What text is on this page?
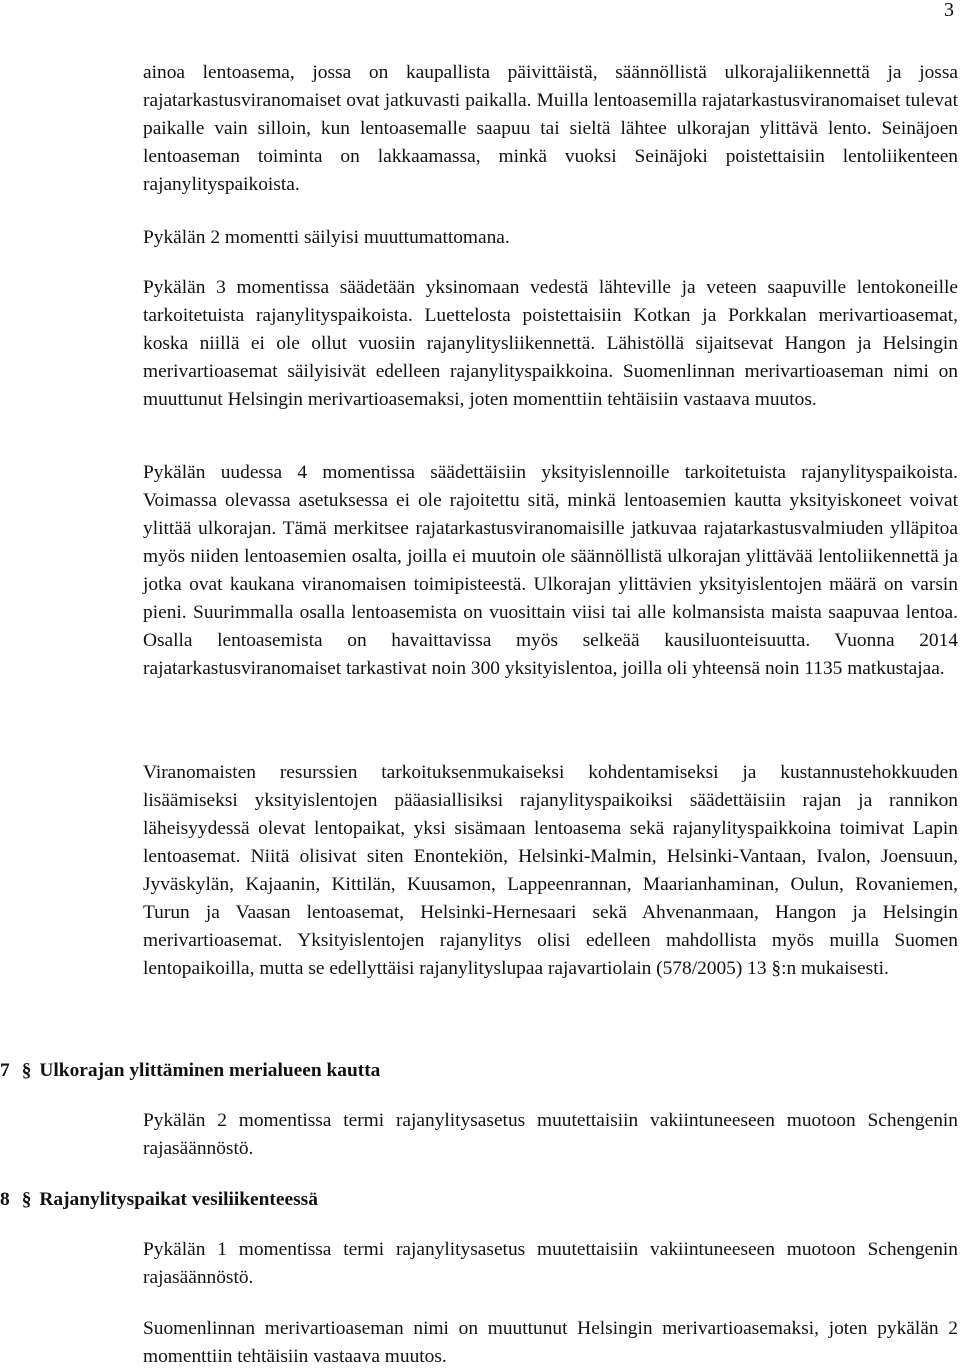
3

ainoa lentoasema, jossa on kaupallista päivittäistä, säännöllistä ulkorajaliikennettä ja jossa rajatarkastusviranomaiset ovat jatkuvasti paikalla. Muilla lentoasemilla rajatarkastusviranomaiset tulevat paikalle vain silloin, kun lentoasemalle saapuu tai sieltä lähtee ulkorajan ylittävä lento. Seinäjoen lentoaseman toiminta on lakkaamassa, minkä vuoksi Seinäjoki poistettaisiin lentoliikenteen rajanylityspaikoista.

Pykälän 2 momentti säilyisi muuttumattomana.

Pykälän 3 momentissa säädetään yksinomaan vedestä lähteville ja veteen saapuville lentokoneille tarkoitetuista rajanylityspaikoista. Luettelosta poistettaisiin Kotkan ja Porkkalan merivartioasemat, koska niillä ei ole ollut vuosiin rajanylitysliikennettä. Lähistöllä sijaitsevat Hangon ja Helsingin merivartioasemat säilyisivät edelleen rajanylityspaikkoina. Suomenlinnan merivartioaseman nimi on muuttunut Helsingin merivartioasemaksi, joten momenttiin tehtäisiin vastaava muutos.

Pykälän uudessa 4 momentissa säädettäisiin yksityislennoille tarkoitetuista rajanylityspaikoista. Voimassa olevassa asetuksessa ei ole rajoitettu sitä, minkä lentoasemien kautta yksityiskoneet voivat ylittää ulkorajan. Tämä merkitsee rajatarkastusviranomaisille jatkuvaa rajatarkastusvalmiuden ylläpitoa myös niiden lentoasemien osalta, joilla ei muutoin ole säännöllistä ulkorajan ylittävää lentoliikennettä ja jotka ovat kaukana viranomaisen toimipisteestä. Ulkorajan ylittävien yksityislentojen määrä on varsin pieni. Suurimmalla osalla lentoasemista on vuosittain viisi tai alle kolmansista maista saapuvaa lentoa. Osalla lentoasemista on havaittavissa myös selkeää kausiluonteisuutta. Vuonna 2014 rajatarkastusviranomaiset tarkastivat noin 300 yksityislentoa, joilla oli yhteensä noin 1135 matkustajaa.

Viranomaisten resurssien tarkoituksenmukaiseksi kohdentamiseksi ja kustannustehokkuuden lisäämiseksi yksityislentojen pääasiallisiksi rajanylityspaikoiksi säädettäisiin rajan ja rannikon läheisyydessä olevat lentopaikat, yksi sisämaan lentoasema sekä rajanylityspaikkoina toimivat Lapin lentoasemat. Niitä olisivat siten Enontekiön, Helsinki-Malmin, Helsinki-Vantaan, Ivalon, Joensuun, Jyväskylän, Kajaanin, Kittilän, Kuusamon, Lappeenrannan, Maarianhaminan, Oulun, Rovaniemen, Turun ja Vaasan lentoasemat, Helsinki-Hernesaari sekä Ahvenanmaan, Hangon ja Helsingin merivartioasemat. Yksityislentojen rajanylitys olisi edelleen mahdollista myös muilla Suomen lentopaikoilla, mutta se edellyttäisi rajanylityslupaa rajavartiolain (578/2005) 13 §:n mukaisesti.

7 § Ulkorajan ylittäminen merialueen kautta

Pykälän 2 momentissa termi rajanylitysasetus muutettaisiin vakiintuneeseen muotoon Schengenin rajasäännöstö.

8 § Rajanylityspaikat vesiliikenteessä

Pykälän 1 momentissa termi rajanylitysasetus muutettaisiin vakiintuneeseen muotoon Schengenin rajasäännöstö.

Suomenlinnan merivartioaseman nimi on muuttunut Helsingin merivartioasemaksi, joten pykälän 2 momenttiin tehtäisiin vastaava muutos.
